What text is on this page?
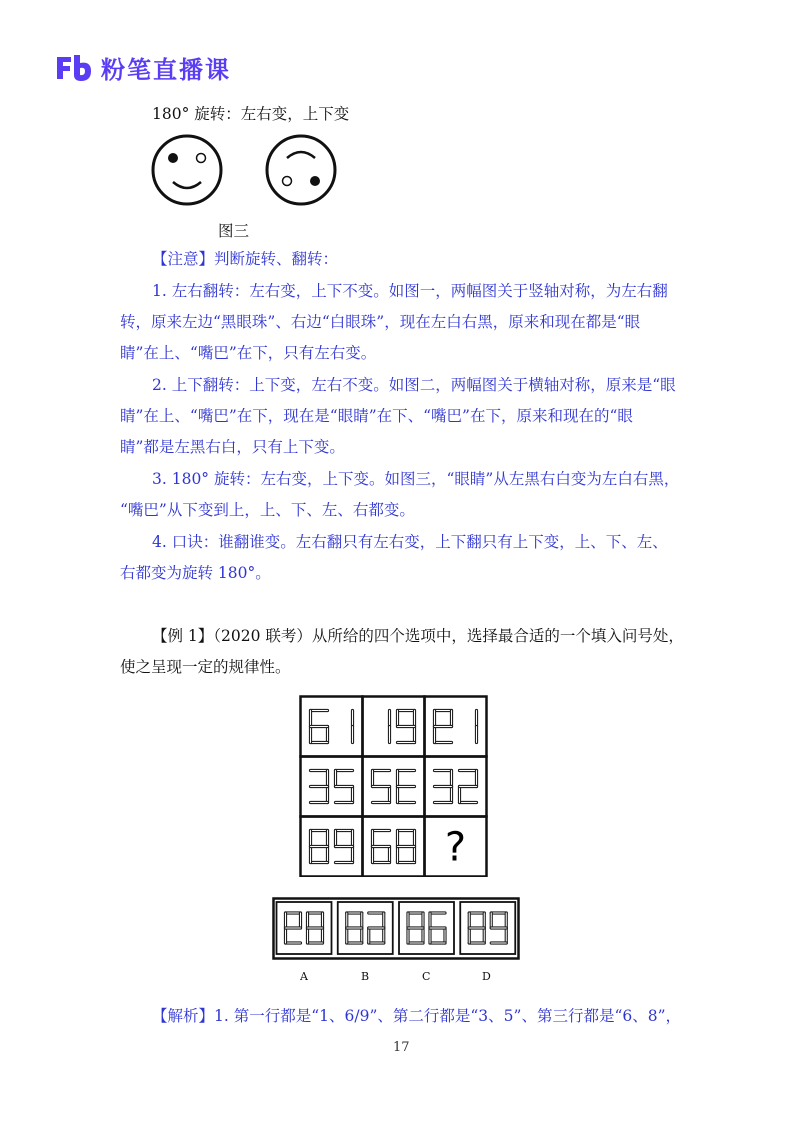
粉笔直播课
180° 旋转：左右变，上下变
图三
【注意】判断旋转、翻转：
1. 左右翻转：左右变，上下不变。如图一，两幅图关于竖轴对称，为左右翻
转，原来左边“黑眼珠”、右边“白眼珠”，现在左白右黑，原来和现在都是“眼
睛”在上、“嘴巴”在下，只有左右变。
2. 上下翻转：上下变，左右不变。如图二，两幅图关于横轴对称，原来是“眼
睛”在上、“嘴巴”在下，现在是“眼睛”在下、“嘴巴”在下，原来和现在的“眼
睛”都是左黑右白，只有上下变。
3. 180° 旋转：左右变，上下变。如图三，“眼睛”从左黑右白变为左白右黑，
“嘴巴”从下变到上，上、下、左、右都变。
4. 口诀：谁翻谁变。左右翻只有左右变，上下翻只有上下变，上、下、左、
右都变为旋转 180°。
【例 1】（2020 联考）从所给的四个选项中，选择最合适的一个填入问号处，
使之呈现一定的规律性。
?
A	B	C	D
【解析】1. 第一行都是“1、6/9”、第二行都是“3、5”、第三行都是“6、8”，
17
